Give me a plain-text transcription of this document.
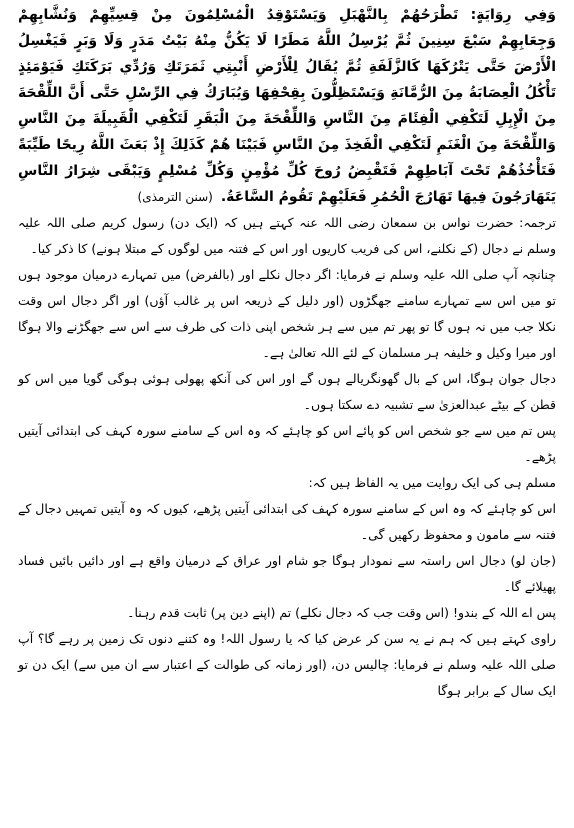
وَفِي رِوَايَةٍ: تَطْرَحُهُمْ بِالنَّهْبَلِ وَيَسْتَوْقِدُ الْمُسْلِمُونَ مِنْ قِسِيِّهِمْ وَنُشَّابِهِمْ وَجِعَابِهِمْ سَبْعَ سِنِينَ ثُمَّ يُرْسِلُ اللَّهُ مَطَرًا لَا يَكُنُّ مِنْهُ بَيْتُ مَدَرٍ وَلَا وَبَرٍ فَيَغْسِلُ الْأَرْضَ حَتَّى يَتْرُكَهَا كَالزَّلَفَةِ ثُمَّ يُقَالُ لِلْأَرْضِ أَنْبِتِي ثَمَرَتَكِ وَرُدِّي بَرَكَتَكِ فَيَوْمَئِذٍ تَأْكُلُ الْعِصَابَةُ مِنَ الرُّمَّانَةِ وَيَسْتَظِلُّونَ بِقِحْفِهَا وَيُبَارَكُ فِي الرِّسْلِ حَتَّى أَنَّ اللِّقْحَةَ مِنَ الْإِبِلِ لَتَكْفِي الْفِئَامَ مِنَ النَّاسِ وَاللِّقْحَةَ مِنَ الْبَقَرِ لَتَكْفِي الْقَبِيلَةَ مِنَ النَّاسِ وَاللِّقْحَةَ مِنَ الْغَنَمِ لَتَكْفِي الْفَخِذَ مِنَ النَّاسِ فَبَيْنَا هُمْ كَذَلِكَ إِذْ بَعَثَ اللَّهُ رِيحًا طَيِّبَةً فَتَأْخُذُهُمْ تَحْتَ آبَاطِهِمْ فَتَقْبِضُ رُوحَ كُلِّ مُؤْمِنٍ وَكُلِّ مُسْلِمٍ وَيَبْقَى شِرَارُ النَّاسِ يَتَهَارَجُونَ فِيهَا تَهَارُجَ الْحُمُرِ فَعَلَيْهِمْ تَقُومُ السَّاعَةُ.(سنن الترمذی)

ترجمہ: حضرت نواس بن سمعان رضی اللہ عنہ کہتے ہیں کہ (ایک دن) رسول کریم صلی اللہ علیہ وسلم نے دجال (کے نکلنے، اس کی فریب کاریوں اور اس کے فتنہ میں لوگوں کے مبتلا ہونے) کا ذکر کیا۔

چنانچہ آپ صلی اللہ علیہ وسلم نے فرمایا: اگر دجال نکلے اور (بالفرض) میں تمہارے درمیان موجود ہوں تو میں اس سے تمہارے سامنے جھگڑوں (اور دلیل کے ذریعہ اس پر غالب آؤں) اور اگر دجال اس وقت نکلا جب میں نہ ہوں گا تو پھر تم میں سے ہر شخص اپنی ذات کی طرف سے اس سے جھگڑنے والا ہوگا اور میرا وکیل و خلیفہ ہر مسلمان کے لئے اللہ تعالیٰ ہے۔

دجال جوان ہوگا، اس کے بال گھونگریالے ہوں گے اور اس کی آنکھ پھولی ہوئی ہوگی گویا میں اس کو قطن کے بیٹے عبدالعزیٰ سے تشبیہ دے سکتا ہوں۔

پس تم میں سے جو شخص اس کو پائے اس کو چاہئے کہ وہ اس کے سامنے سورہ کہف کی ابتدائی آیتیں پڑھے۔

مسلم ہی کی ایک روایت میں یہ الفاظ ہیں کہ:

اس کو چاہئے کہ وہ اس کے سامنے سورہ کہف کی ابتدائی آیتیں پڑھے، کیوں کہ وہ آیتیں تمہیں دجال کے فتنہ سے مامون و محفوظ رکھیں گی۔

(جان لو) دجال اس راستہ سے نمودار ہوگا جو شام اور عراق کے درمیان واقع ہے اور دائیں بائیں فساد پھیلائے گا۔

پس اے اللہ کے بندو! (اس وقت جب کہ دجال نکلے) تم (اپنے دین پر) ثابت قدم رہنا۔

راوی کہتے ہیں کہ ہم نے یہ سن کر عرض کیا کہ یا رسول اللہ! وہ کتنے دنوں تک زمین پر رہے گا؟ آپ صلی اللہ علیہ وسلم نے فرمایا: چالیس دن، (اور زمانہ کی طوالت کے اعتبار سے ان میں سے) ایک دن تو ایک سال کے برابر ہوگا
